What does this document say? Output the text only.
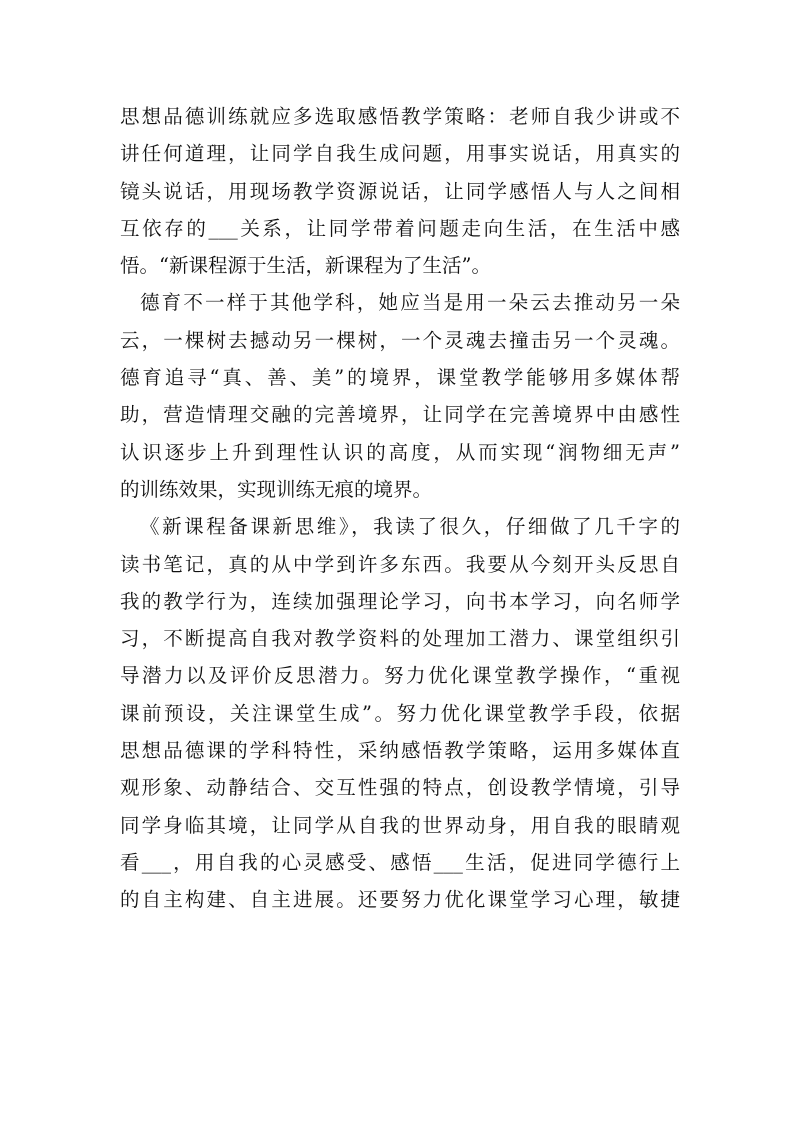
思想品德训练就应多选取感悟教学策略：老师自我少讲或不
讲任何道理，让同学自我生成问题，用事实说话，用真实的
镜头说话，用现场教学资源说话，让同学感悟人与人之间相
互依存的___关系，让同学带着问题走向生活，在生活中感
悟。“新课程源于生活，新课程为了生活”。
德育不一样于其他学科，她应当是用一朵云去推动另一朵
云，一棵树去撼动另一棵树，一个灵魂去撞击另一个灵魂。
德育追寻“真、善、美”的境界，课堂教学能够用多媒体帮
助，营造情理交融的完善境界，让同学在完善境界中由感性
认识逐步上升到理性认识的高度，从而实现“润物细无声”
的训练效果，实现训练无痕的境界。
《新课程备课新思维》，我读了很久，仔细做了几千字的
读书笔记，真的从中学到许多东西。我要从今刻开头反思自
我的教学行为，连续加强理论学习，向书本学习，向名师学
习，不断提高自我对教学资料的处理加工潜力、课堂组织引
导潜力以及评价反思潜力。努力优化课堂教学操作，“重视
课前预设，关注课堂生成”。努力优化课堂教学手段，依据
思想品德课的学科特性，采纳感悟教学策略，运用多媒体直
观形象、动静结合、交互性强的特点，创设教学情境，引导
同学身临其境，让同学从自我的世界动身，用自我的眼睛观
看___，用自我的心灵感受、感悟___生活，促进同学德行上
的自主构建、自主进展。还要努力优化课堂学习心理，敏捷
